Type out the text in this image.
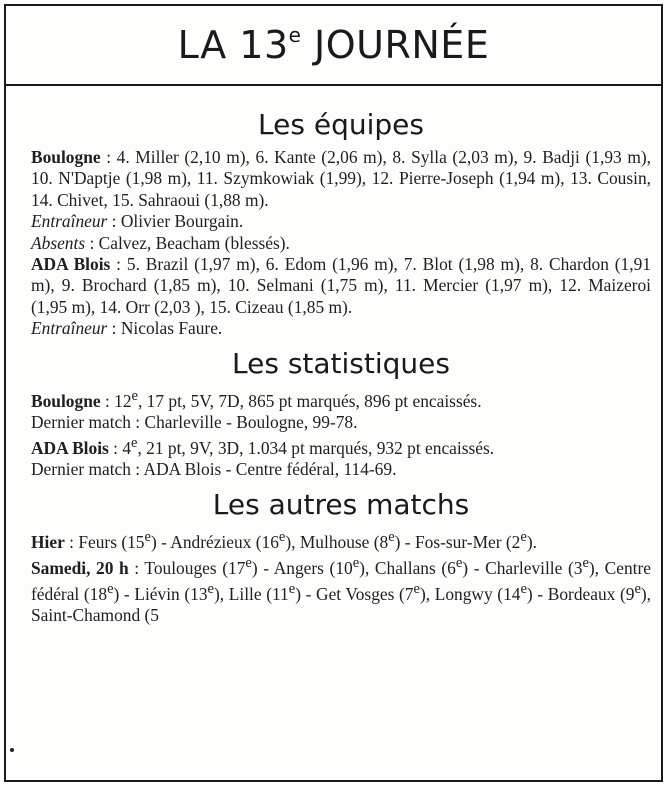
LA 13e JOURNÉE
Les équipes

Boulogne : 4. Miller (2,10 m), 6. Kante (2,06 m), 8. Sylla (2,03 m), 9. Badji (1,93 m), 10. N'Daptje (1,98 m), 11. Szymkowiak (1,99), 12. Pierre-Joseph (1,94 m), 13. Cousin, 14. Chivet, 15. Sahraoui (1,88 m).

Entraîneur : Olivier Bourgain.

Absents : Calvez, Beacham (blessés).

ADA Blois : 5. Brazil (1,97 m), 6. Edom (1,96 m), 7. Blot (1,98 m), 8. Chardon (1,91 m), 9. Brochard (1,85 m), 10. Selmani (1,75 m), 11. Mercier (1,97 m), 12. Maizeroi (1,95 m), 14. Orr (2,03 ), 15. Cizeau (1,85 m).

Entraîneur : Nicolas Faure.

Les statistiques

Boulogne : 12e, 17 pt, 5V, 7D, 865 pt marqués, 896 pt encaissés.

Dernier match : Charleville - Boulogne, 99-78.

ADA Blois : 4e, 21 pt, 9V, 3D, 1.034 pt marqués, 932 pt encaissés.

Dernier match : ADA Blois - Centre fédéral, 114-69.

Les autres matchs

Hier : Feurs (15e) - Andrézieux (16e), Mulhouse (8e) - Fos-sur-Mer (2e).

Samedi, 20 h : Toulouges (17e) - Angers (10e), Challans (6e) - Charleville (3e), Centre fédéral (18e) - Liévin (13e), Lille (11e) - Get Vosges (7e), Longwy (14e) - Bordeaux (9e), Saint-Chamond (5
